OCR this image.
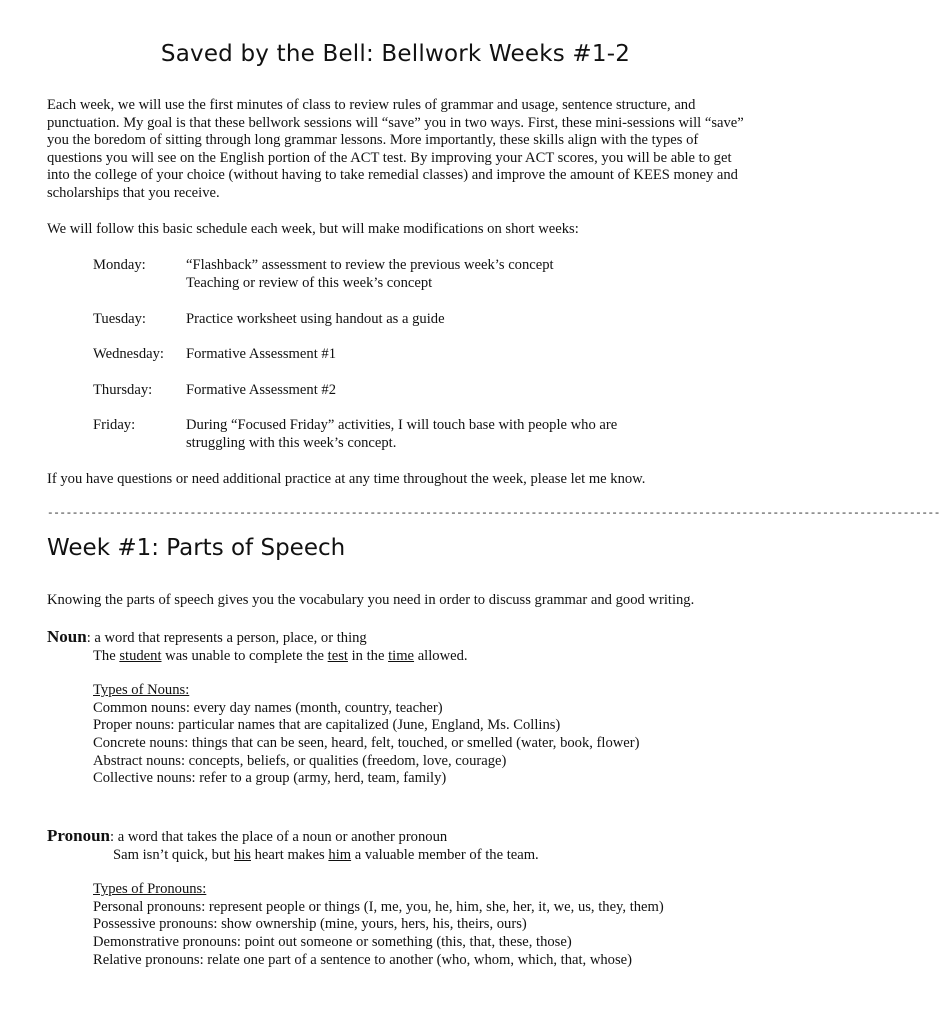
Saved by the Bell: Bellwork Weeks #1-2

Each week, we will use the first minutes of class to review rules of grammar and usage, sentence structure, and punctuation. My goal is that these bellwork sessions will “save” you in two ways. First, these mini-sessions will “save” you the boredom of sitting through long grammar lessons. More importantly, these skills align with the types of questions you will see on the English portion of the ACT test. By improving your ACT scores, you will be able to get into the college of your choice (without having to take remedial classes) and improve the amount of KEES money and scholarships that you receive.

We will follow this basic schedule each week, but will make modifications on short weeks:

Monday:	“Flashback” assessment to review the previous week’s concept
Teaching or review of this week’s concept
Tuesday:	Practice worksheet using handout as a guide
Wednesday:	Formative Assessment #1
Thursday:	Formative Assessment #2
Friday:	During “Focused Friday” activities, I will touch base with people who are
struggling with this week’s concept.

If you have questions or need additional practice at any time throughout the week, please let me know.

------------------------------------------------------------------------------------------------------------------------------------------------
Week #1: Parts of Speech

Knowing the parts of speech gives you the vocabulary you need in order to discuss grammar and good writing.

Noun: a word that represents a person, place, or thing
The student was unable to complete the test in the time allowed.
Types of Nouns:
Common nouns: every day names (month, country, teacher)
Proper nouns: particular names that are capitalized (June, England, Ms. Collins)
Concrete nouns: things that can be seen, heard, felt, touched, or smelled (water, book, flower)
Abstract nouns: concepts, beliefs, or qualities (freedom, love, courage)
Collective nouns: refer to a group (army, herd, team, family)
Pronoun: a word that takes the place of a noun or another pronoun
Sam isn’t quick, but his heart makes him a valuable member of the team.
Types of Pronouns:
Personal pronouns: represent people or things (I, me, you, he, him, she, her, it, we, us, they, them)
Possessive pronouns: show ownership (mine, yours, hers, his, theirs, ours)
Demonstrative pronouns: point out someone or something (this, that, these, those)
Relative pronouns: relate one part of a sentence to another (who, whom, which, that, whose)
